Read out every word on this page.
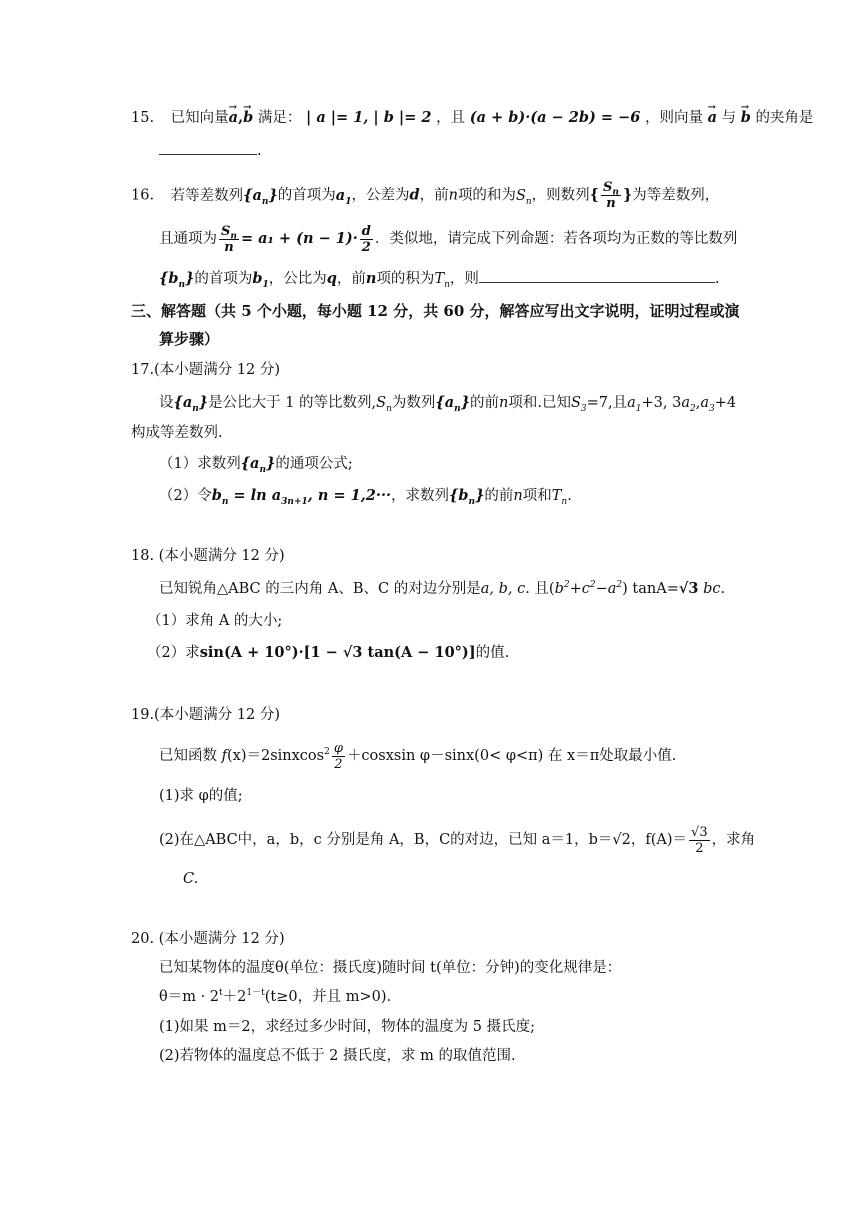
15. 已知向量→ a,→ b 满足： | a |= 1, | b |= 2 ，且 (a + b)·(a − 2b) = −6 ，则向量 → a 与 → b 的夹角是
.
16. 若等差数列$\{a_n\}$的首项为$a_1$，公差为d，前n项的和为$S_n$，则数列{ $\frac{S_n}{n}$ }为等差数列，
且通项为 $\frac{S_n}{n} = a_1 + (n - 1)\cdot \frac{d}{2}$ ．类似地，请完成下列命题：若各项均为正数的等比数列
$\{b_n\}$的首项为$b_1$，公比为q，前n项的积为$T_n$，则	.
三、解答题（共 5 个小题，每小题 12 分，共 60 分，解答应写出文字说明，证明过程或演
算步骤）
17.(本小题满分 12 分)
设$\{a_n\}$是公比大于 1 的等比数列$,S_n$为数列$\{a_n\}$的前n项和.已知$S_3=7$,且$a_1+3$, $3a_2,a_3+4$
构成等差数列.
（1）求数列$\{a_n\}$的通项公式;
（2）令$b_n = \ln a_{3n+1}$, n = 1,2···，求数列$\{b_n\}$的前n项和$T_n$.
18. (本小题满分 12 分)
已知锐角△ABC 的三内角 A、B、C 的对边分别是a, b, c. 且$(b^2+c^2-a^2)$ tanA=√3 bc.
（1）求角 A 的大小;
（2）求sin(A + 10°)·[1 − √3 tan(A − 10°)]的值.
19.(本小题满分 12 分)
已知函数 f(x)＝2sinxcos$^2$ $\frac{\varphi}{2}$ ＋cosxsin φ－sinx(0< φ<π) 在 x＝π处取最小值.
(1)求 φ的值;
(2)在△ABC中，a，b，c 分别是角 A，B，C的对边，已知 a＝1，b＝√2，$f(A)= \frac{√3}{2}$ ，求角
C.
20. (本小题满分 12 分)
已知某物体的温度θ(单位：摄氏度)随时间 t(单位：分钟)的变化规律是：
$\theta=m \cdot 2^t+2^{1-t}(t\ge 0$，并且 m>0).
(1)如果 m＝2，求经过多少时间，物体的温度为 5 摄氏度;
(2)若物体的温度总不低于 2 摄氏度，求 m 的取值范围.
